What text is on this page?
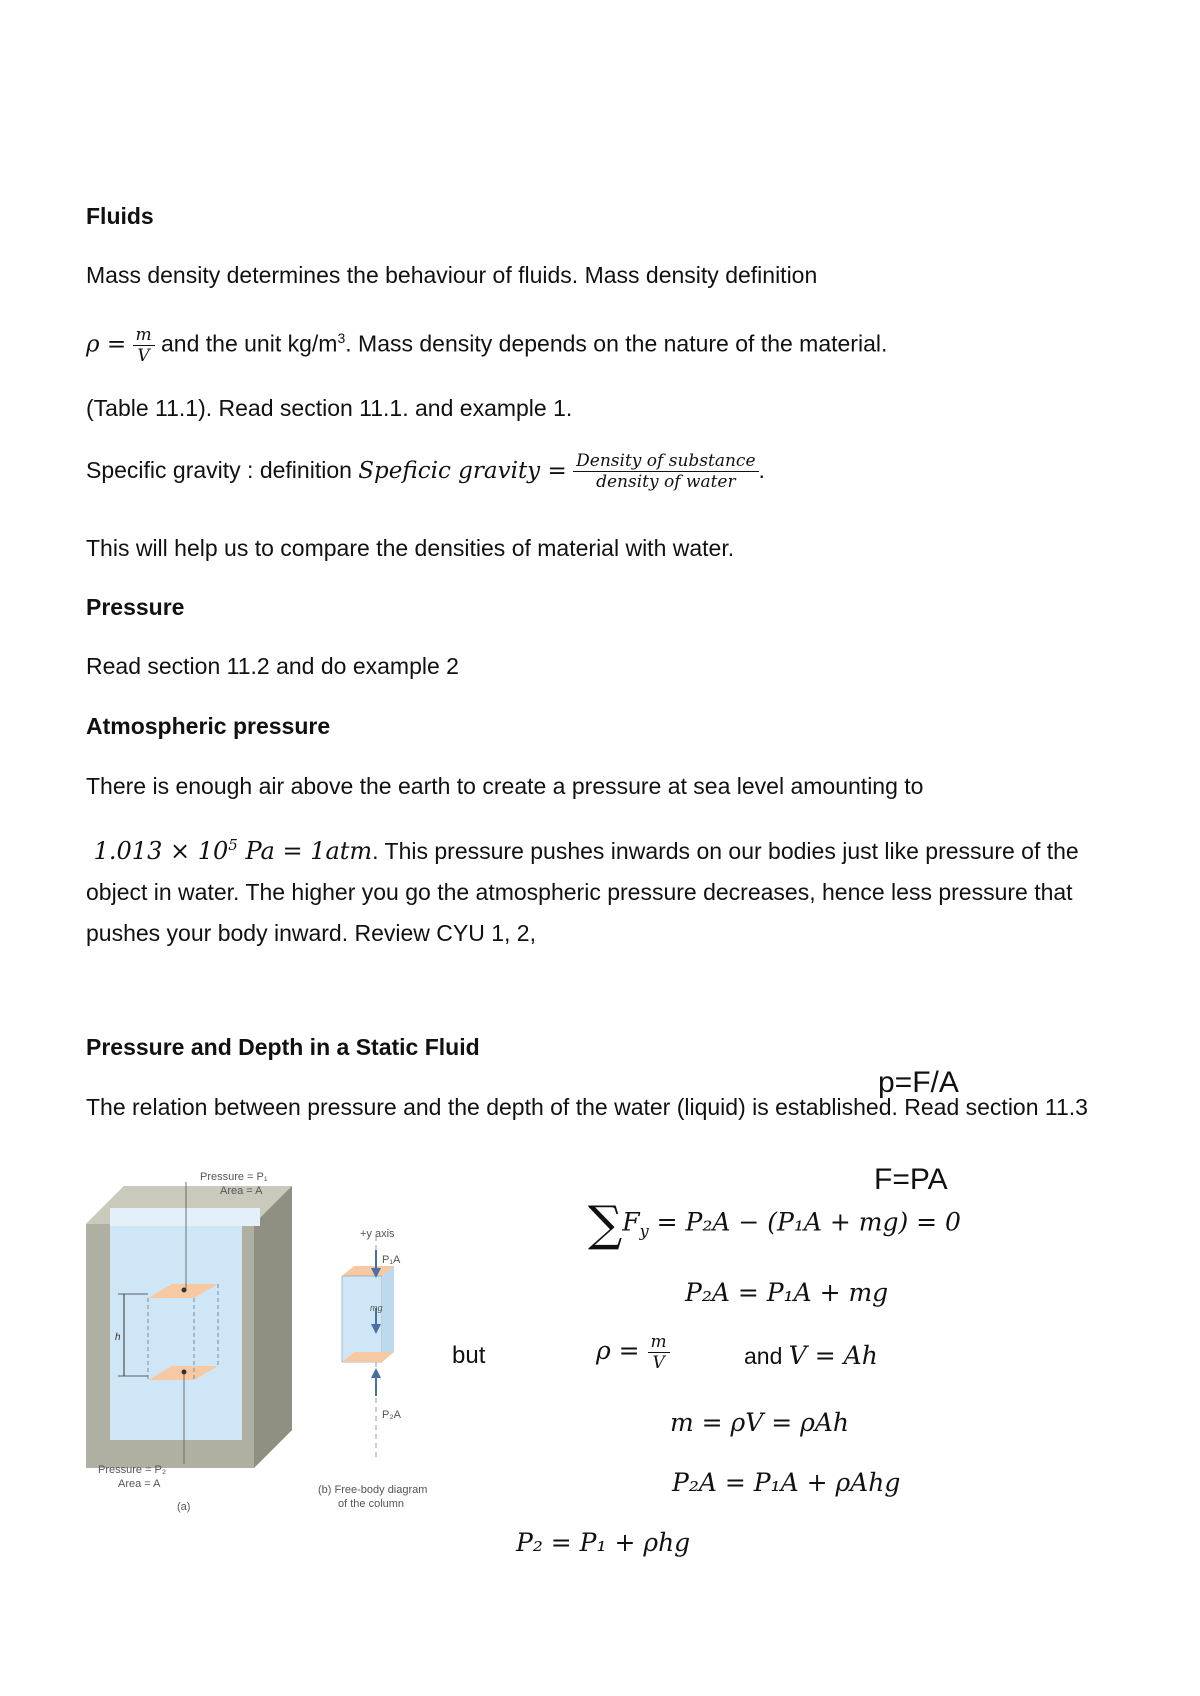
Fluids
Mass density determines the behaviour of fluids. Mass density definition
$\rho = \frac{m}{V}$ and the unit $kg/m^3$. Mass density depends on the nature of the material.
(Table 11.1). Read section 11.1. and example 1.
Specific gravity : definition Speficic gravity = $\frac{\text{Density of substance}}{\text{density of water}}$ .
This will help us to compare the densities of material with water.
Pressure
Read section 11.2 and do example 2
Atmospheric pressure
There is enough air above the earth to create a pressure at sea level amounting to
$1.013 \times 10^5$ Pa = 1atm. This pressure pushes inwards on our bodies just like pressure of the object in water. The higher you go the atmospheric pressure decreases, hence less pressure that pushes your body inward. Review CYU 1, 2,
Pressure and Depth in a Static Fluid
p=F/A
The relation between pressure and the depth of the water (liquid) is established. Read section 11.3
F=PA
h
Pressure = P₁
Area = A
Pressure = P₂
Area = A
(a)
+y axis
P₁A
mg
P₂A
(b) Free-body diagram
of the column
$\sum F_y = P_2A - (P_1A + mg) = 0$
P₂A = P₁A + mg
but	$\rho = \frac{m}{V}$	and V = Ah
m = ρV = ρAh
P₂A = P₁A + ρAhg
P₂ = P₁ + ρhg
